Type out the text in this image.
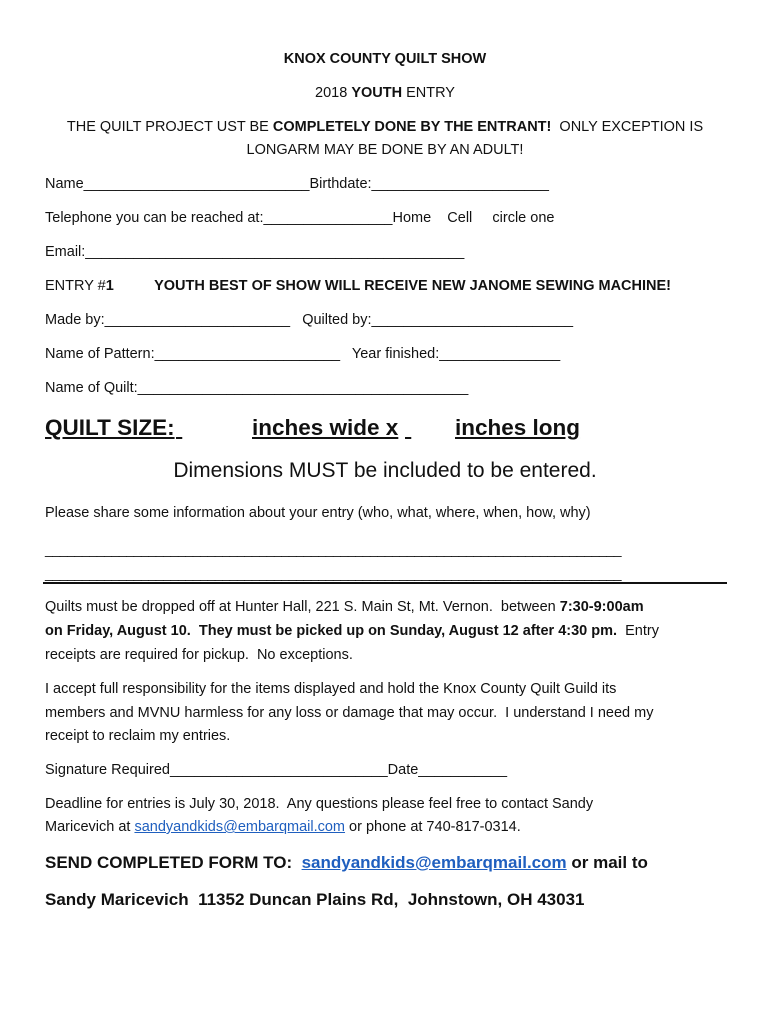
KNOX COUNTY QUILT SHOW
2018 YOUTH ENTRY
THE QUILT PROJECT UST BE COMPLETELY DONE BY THE ENTRANT!  ONLY EXCEPTION IS
LONGARM MAY BE DONE BY AN ADULT!
Name____________________________Birthdate:______________________
Telephone you can be reached at:________________Home    Cell     circle one
Email:_______________________________________________
ENTRY #1	YOUTH BEST OF SHOW WILL RECEIVE NEW JANOME SEWING MACHINE!
Made by:_______________________   Quilted by:_________________________
Name of Pattern:_______________________   Year finished:_______________
Name of Quilt:_________________________________________
QUILT SIZE:
	inches wide x
	inches long
Dimensions MUST be included to be entered.
Please share some information about your entry (who, what, where, when, how, why)
______________________________________________________________________________
______________________________________________________________________________
Quilts must be dropped off at Hunter Hall, 221 S. Main St, Mt. Vernon.  between 7:30-9:00am
on Friday, August 10.  They must be picked up on Sunday, August 12 after 4:30 pm.  Entry
receipts are required for pickup.  No exceptions.
I accept full responsibility for the items displayed and hold the Knox County Quilt Guild its
members and MVNU harmless for any loss or damage that may occur.  I understand I need my
receipt to reclaim my entries.
Signature Required___________________________Date___________
Deadline for entries is July 30, 2018.  Any questions please feel free to contact Sandy
Maricevich at sandyandkids@embarqmail.com or phone at 740-817-0314.
SEND COMPLETED FORM TO:  sandyandkids@embarqmail.com or mail to
Sandy Maricevich  11352 Duncan Plains Rd,  Johnstown, OH 43031
